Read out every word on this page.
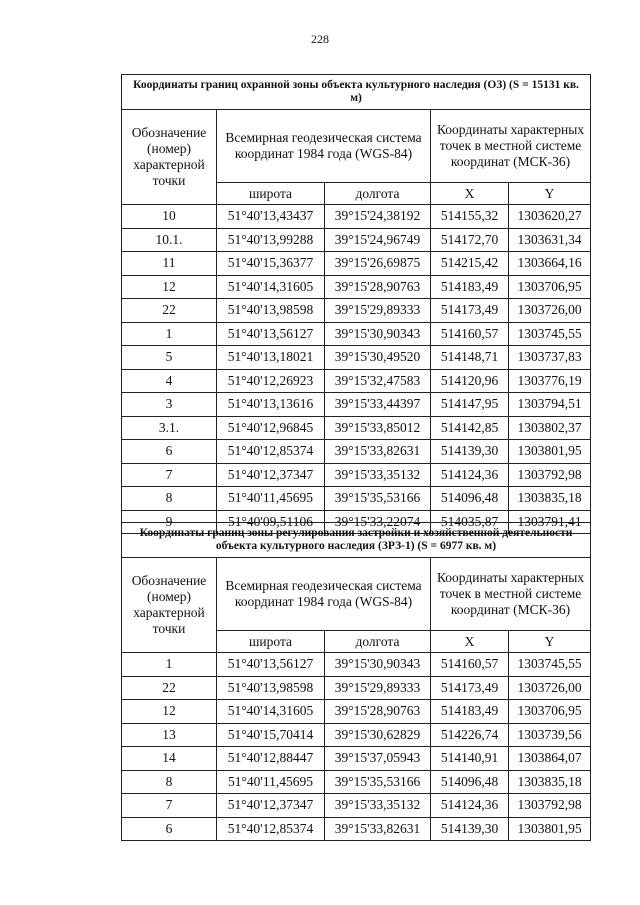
228
Координаты границ охранной зоны объекта культурного наследия (ОЗ) (S = 15131 кв. м)				
Обозначение (номер) характерной точки	Всемирная геодезическая система координат 1984 года (WGS-84)		Координаты характерных точек в местной системе координат (МСК-36)	
	широта	долгота	X	Y
10	51°40'13,43437	39°15'24,38192	514155,32	1303620,27
10.1.	51°40'13,99288	39°15'24,96749	514172,70	1303631,34
11	51°40'15,36377	39°15'26,69875	514215,42	1303664,16
12	51°40'14,31605	39°15'28,90763	514183,49	1303706,95
22	51°40'13,98598	39°15'29,89333	514173,49	1303726,00
1	51°40'13,56127	39°15'30,90343	514160,57	1303745,55
5	51°40'13,18021	39°15'30,49520	514148,71	1303737,83
4	51°40'12,26923	39°15'32,47583	514120,96	1303776,19
3	51°40'13,13616	39°15'33,44397	514147,95	1303794,51
3.1.	51°40'12,96845	39°15'33,85012	514142,85	1303802,37
6	51°40'12,85374	39°15'33,82631	514139,30	1303801,95
7	51°40'12,37347	39°15'33,35132	514124,36	1303792,98
8	51°40'11,45695	39°15'35,53166	514096,48	1303835,18
9	51°40'09,51106	39°15'33,22074	514035,87	1303791,41
Координаты границ зоны регулирования застройки и хозяйственной деятельности объекта культурного наследия (ЗРЗ-1) (S = 6977 кв. м)				
Обозначение (номер) характерной точки	Всемирная геодезическая система координат 1984 года (WGS-84)		Координаты характерных точек в местной системе координат (МСК-36)	
	широта	долгота	X	Y
1	51°40'13,56127	39°15'30,90343	514160,57	1303745,55
22	51°40'13,98598	39°15'29,89333	514173,49	1303726,00
12	51°40'14,31605	39°15'28,90763	514183,49	1303706,95
13	51°40'15,70414	39°15'30,62829	514226,74	1303739,56
14	51°40'12,88447	39°15'37,05943	514140,91	1303864,07
8	51°40'11,45695	39°15'35,53166	514096,48	1303835,18
7	51°40'12,37347	39°15'33,35132	514124,36	1303792,98
6	51°40'12,85374	39°15'33,82631	514139,30	1303801,95
